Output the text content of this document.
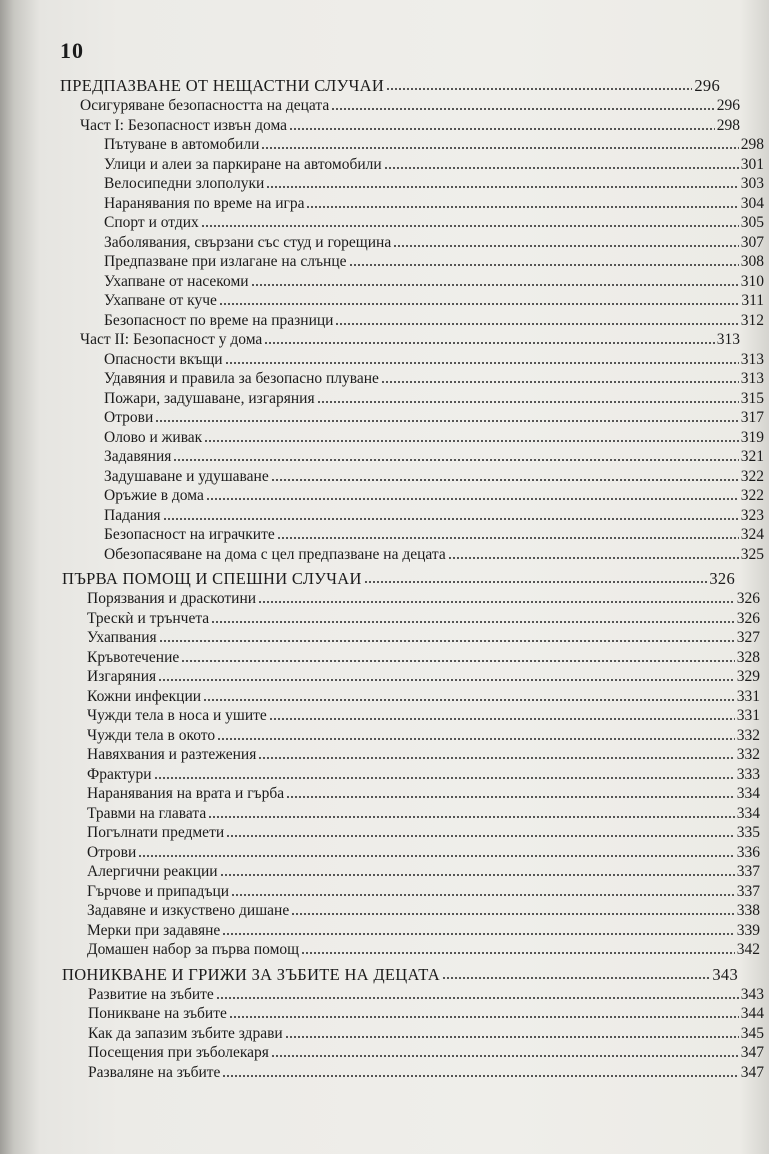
10
ПРЕДПАЗВАНЕ ОТ НЕЩАСТНИ СЛУЧАИ	296
Осигуряване безопасността на децата	296
Част I: Безопасност извън дома	298
Пътуване в автомобили	298
Улици и алеи за паркиране на автомобили	301
Велосипедни злополуки	303
Наранявания по време на игра	304
Спорт и отдих	305
Заболявания, свързани със студ и горещина	307
Предпазване при излагане на слънце	308
Ухапване от насекоми	310
Ухапване от куче	311
Безопасност по време на празници	312
Част II: Безопасност у дома	313
Опасности вкъщи	313
Удавяния и правила за безопасно плуване	313
Пожари, задушаване, изгаряния	315
Отрови	317
Олово и живак	319
Задавяния	321
Задушаване и удушаване	322
Оръжие в дома	322
Падания	323
Безопасност на играчките	324
Обезопасяване на дома с цел предпазване на децата	325
ПЪРВА ПОМОЩ И СПЕШНИ СЛУЧАИ	326
Порязвания и драскотини	326
Трескѝ и трънчета	326
Ухапвания	327
Кръвотечение	328
Изгаряния	329
Кожни инфекции	331
Чужди тела в носа и ушите	331
Чужди тела в окото	332
Навяхвания и разтежения	332
Фрактури	333
Наранявания на врата и гърба	334
Травми на главата	334
Погълнати предмети	335
Отрови	336
Алергични реакции	337
Гърчове и припадъци	337
Задавяне и изкуствено дишане	338
Мерки при задавяне	339
Домашен набор за първа помощ	342
ПОНИКВАНЕ И ГРИЖИ ЗА ЗЪБИТЕ НА ДЕЦАТА	343
Развитие на зъбите	343
Поникване на зъбите	344
Как да запазим зъбите здрави	345
Посещения при зъболекаря	347
Разваляне на зъбите	347
